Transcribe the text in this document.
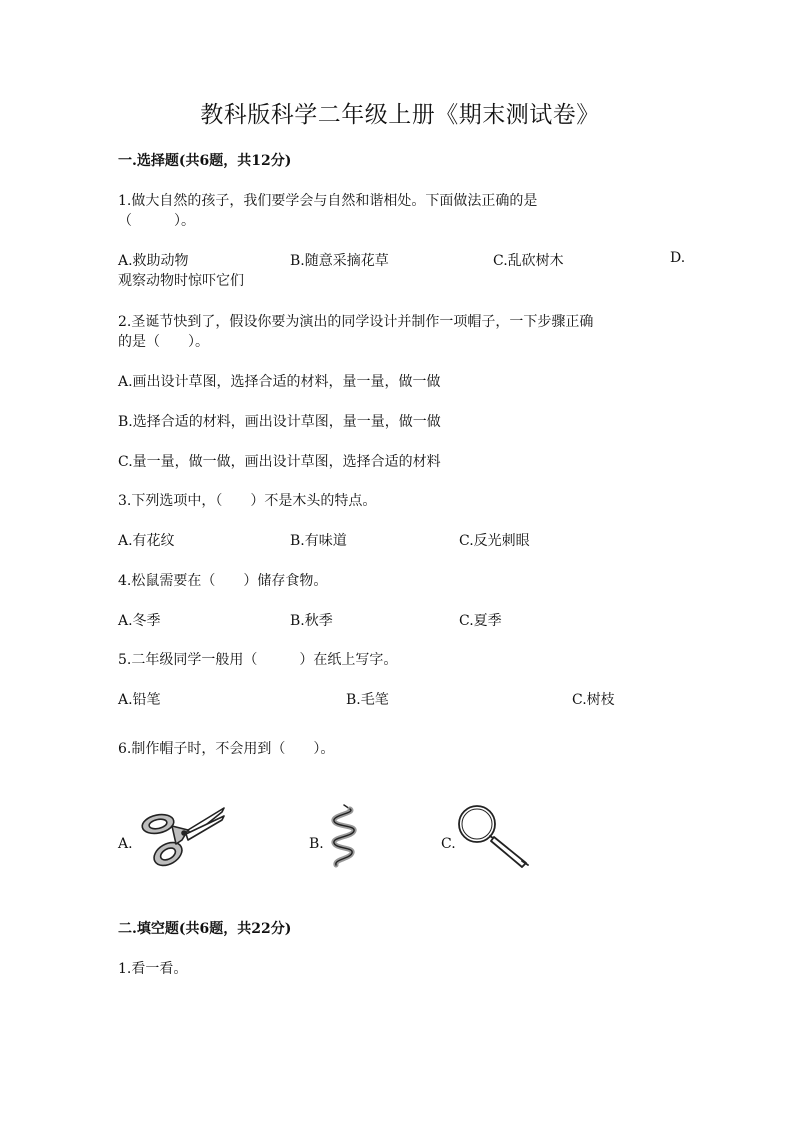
教科版科学二年级上册《期末测试卷》
一.选择题(共6题，共12分)
1.做大自然的孩子，我们要学会与自然和谐相处。下面做法正确的是
（　　　）。
A.救助动物	B.随意采摘花草	C.乱砍树木	D.
观察动物时惊吓它们
2.圣诞节快到了，假设你要为演出的同学设计并制作一项帽子，一下步骤正确
的是（　　）。
A.画出设计草图，选择合适的材料，量一量，做一做
B.选择合适的材料，画出设计草图，量一量，做一做
C.量一量，做一做，画出设计草图，选择合适的材料
3.下列选项中，（　　）不是木头的特点。
A.有花纹	B.有味道	C.反光刺眼
4.松鼠需要在（　　）储存食物。
A.冬季	B.秋季	C.夏季
5.二年级同学一般用（　　　）在纸上写字。
A.铅笔	B.毛笔	C.树枝
6.制作帽子时，不会用到（　　）。
A.	B.	C.
二.填空题(共6题，共22分)
1.看一看。
